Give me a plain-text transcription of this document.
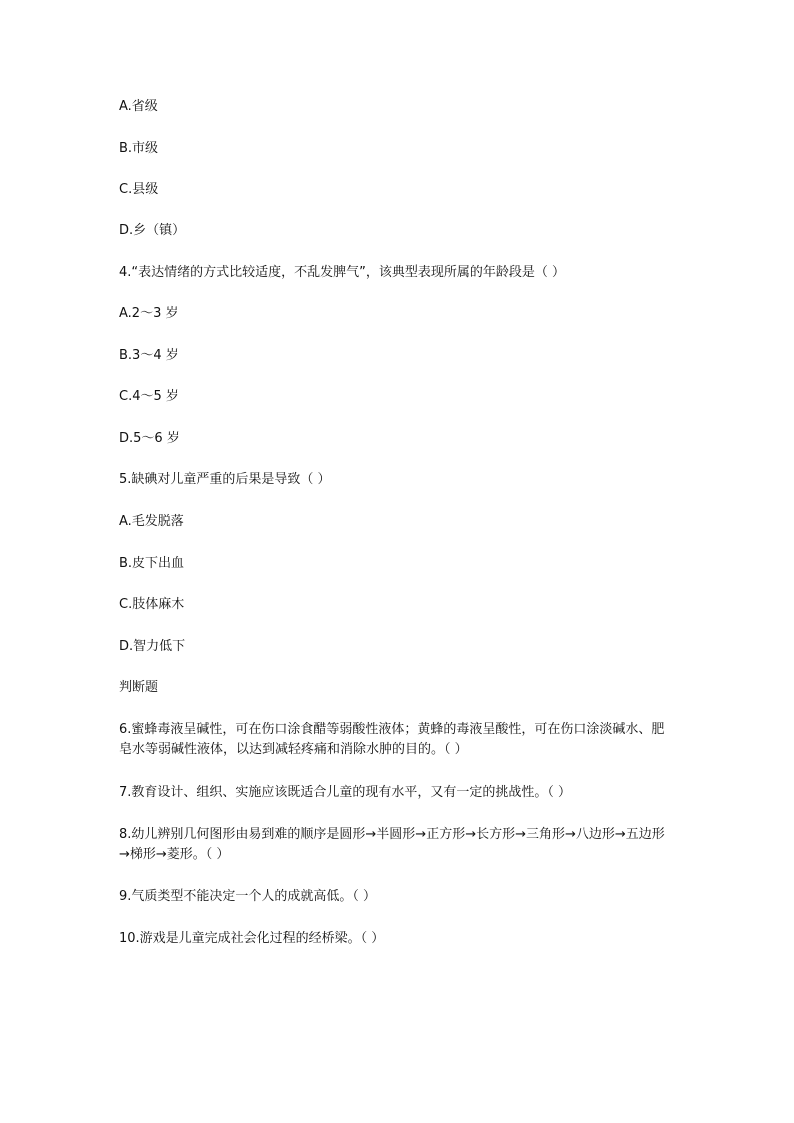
A.省级
B.市级
C.县级
D.乡（镇）
4.“表达情绪的方式比较适度，不乱发脾气”，该典型表现所属的年龄段是（ ）
A.2～3 岁
B.3～4 岁
C.4～5 岁
D.5～6 岁
5.缺碘对儿童严重的后果是导致（ ）
A.毛发脱落
B.皮下出血
C.肢体麻木
D.智力低下
判断题
6.蜜蜂毒液呈碱性，可在伤口涂食醋等弱酸性液体；黄蜂的毒液呈酸性，可在伤口涂淡碱水、肥皂水等弱碱性液体，以达到减轻疼痛和消除水肿的目的。（ ）
7.教育设计、组织、实施应该既适合儿童的现有水平，又有一定的挑战性。（ ）
8.幼儿辨别几何图形由易到难的顺序是圆形→半圆形→正方形→长方形→三角形→八边形→五边形→梯形→菱形。（ ）
9.气质类型不能决定一个人的成就高低。（ ）
10.游戏是儿童完成社会化过程的经桥梁。（ ）
